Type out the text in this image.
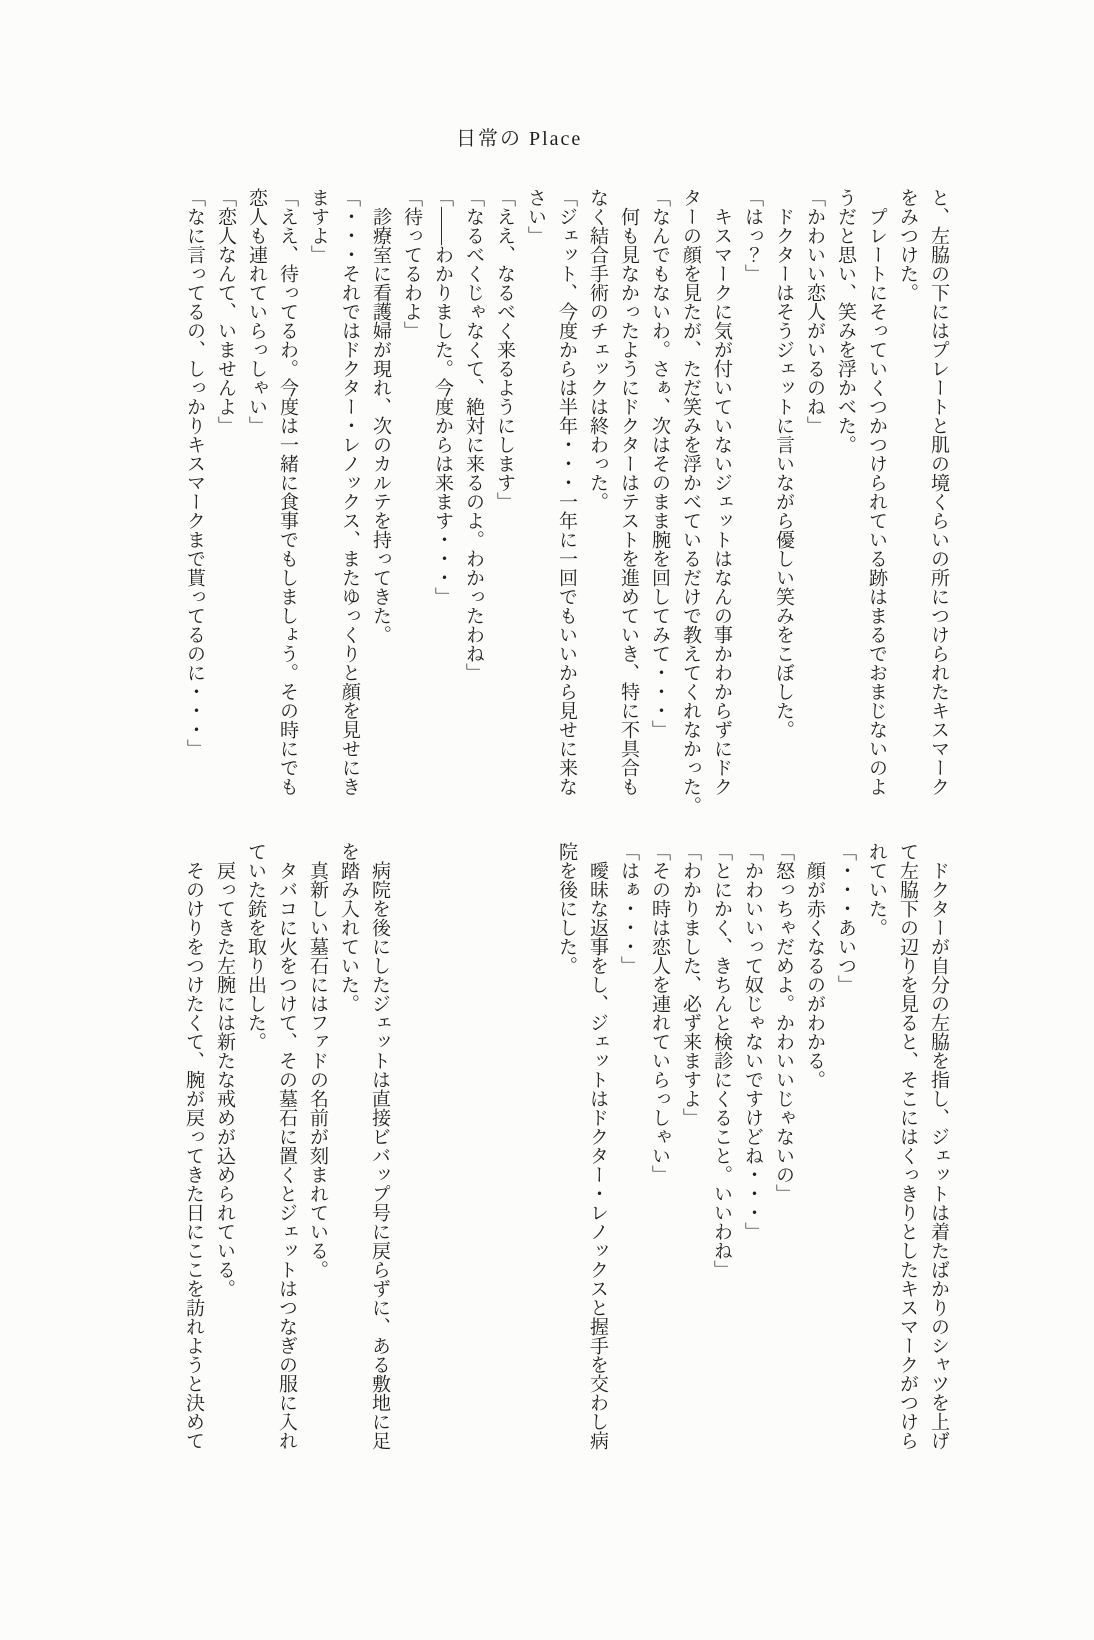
日常の Place
と、左脇の下にはプレートと肌の境くらいの所につけられたキスマーク
をみつけた。
プレートにそっていくつかつけられている跡はまるでおまじないのよ
うだと思い、笑みを浮かべた。
「かわいい恋人がいるのね」
ドクターはそうジェットに言いながら優しい笑みをこぼした。
「はっ？」
キスマークに気が付いていないジェットはなんの事かわからずにドク
ターの顔を見たが、ただ笑みを浮かべているだけで教えてくれなかった。
「なんでもないわ。さぁ、次はそのまま腕を回してみて・・・」
何も見なかったようにドクターはテストを進めていき、特に不具合も
なく結合手術のチェックは終わった。
「ジェット、今度からは半年・・・一年に一回でもいいから見せに来な
さい」
「ええ、なるべく来るようにします」
「なるべくじゃなくて、絶対に来るのよ。わかったわね」
「――わかりました。今度からは来ます・・・」
「待ってるわよ」
診療室に看護婦が現れ、次のカルテを持ってきた。
「・・・それではドクター・レノックス、またゆっくりと顔を見せにき
ますよ」
「ええ、待ってるわ。今度は一緒に食事でもしましょう。その時にでも
恋人も連れていらっしゃい」
「恋人なんて、いませんよ」
「なに言ってるの、しっかりキスマークまで貰ってるのに・・・」
ドクターが自分の左脇を指し、ジェットは着たばかりのシャツを上げ
て左脇下の辺りを見ると、そこにはくっきりとしたキスマークがつけら
れていた。
「・・・あいつ」
顔が赤くなるのがわかる。
「怒っちゃだめよ。かわいいじゃないの」
「かわいいって奴じゃないですけどね・・・」
「とにかく、きちんと検診にくること。いいわね」
「わかりました、必ず来ますよ」
「その時は恋人を連れていらっしゃい」
「はぁ・・・」
曖昧な返事をし、ジェットはドクター・レノックスと握手を交わし病
院を後にした。
病院を後にしたジェットは直接ビバップ号に戻らずに、ある敷地に足
を踏み入れていた。
真新しい墓石にはファドの名前が刻まれている。
タバコに火をつけて、その墓石に置くとジェットはつなぎの服に入れ
ていた銃を取り出した。
戻ってきた左腕には新たな戒めが込められている。
そのけりをつけたくて、腕が戻ってきた日にここを訪れようと決めて
